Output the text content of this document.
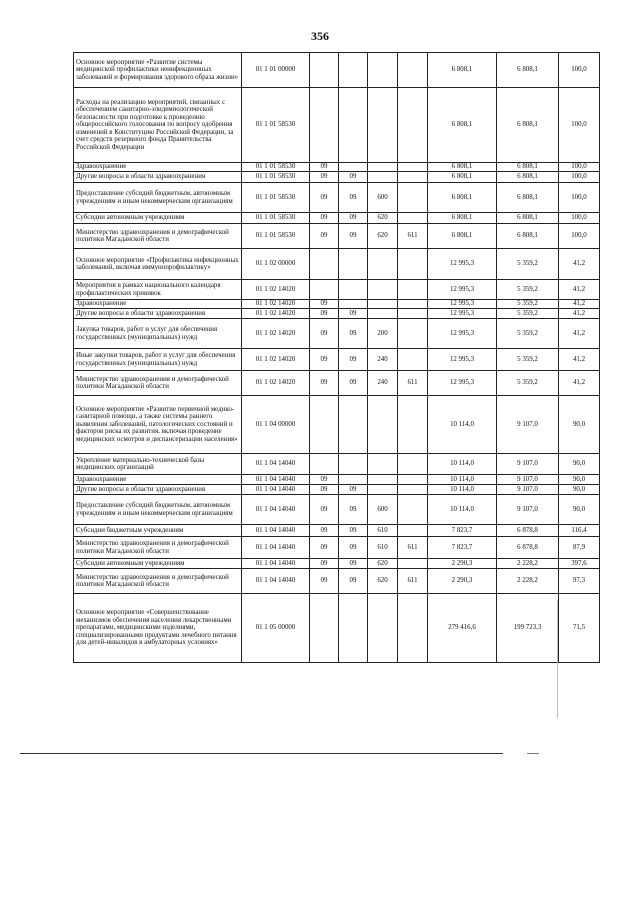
356
Основное мероприятие «Развитие системы медицинской профилактики неинфекционных заболеваний и формирования здорового образа жизни»	01 1 01 00000					6 808,1	6 808,1	100,0
Расходы на реализацию мероприятий, связанных с обеспечением санитарно-эпидемиологической безопасности при подготовке к проведению общероссийского голосования по вопросу одобрения изменений в Конституцию Российской Федерации, за счет средств резервного фонда Правительства Российской Федерации	01 1 01 58530					6 808,1	6 808,1	100,0
Здравоохранение	01 1 01 58530	09				6 808,1	6 808,1	100,0
Другие вопросы в области здравоохранения	01 1 01 58530	09	09			6 808,1	6 808,1	100,0
Предоставление субсидий бюджетным, автономным учреждениям и иным некоммерческим организациям	01 1 01 58530	09	09	600		6 808,1	6 808,1	100,0
Субсидии автономным учреждениям	01 1 01 58530	09	09	620		6 808,1	6 808,1	100,0
Министерство здравоохранения и демографической политики Магаданской области	01 1 01 58530	09	09	620	611	6 808,1	6 808,1	100,0
Основное мероприятие «Профилактика инфекционных заболеваний, включая иммунопрофилактику»	01 1 02 00000					12 995,3	5 359,2	41,2
Мероприятия в рамках национального календаря профилактических прививок	01 1 02 14020					12 995,3	5 359,2	41,2
Здравоохранение	01 1 02 14020	09				12 995,3	5 359,2	41,2
Другие вопросы в области здравоохранения	01 1 02 14020	09	09			12 995,3	5 359,2	41,2
Закупка товаров, работ и услуг для обеспечения государственных (муниципальных) нужд	01 1 02 14020	09	09	200		12 995,3	5 359,2	41,2
Иные закупки товаров, работ и услуг для обеспечения государственных (муниципальных) нужд	01 1 02 14020	09	09	240		12 995,3	5 359,2	41,2
Министерство здравоохранения и демографической политики Магаданской области	01 1 02 14020	09	09	240	611	12 995,3	5 359,2	41,2
Основное мероприятие «Развитие первичной медико-санитарной помощи, а также системы раннего выявления заболеваний, патологических состояний и факторов риска их развития, включая проведение медицинских осмотров и диспансеризации населения»	01 1 04 00000					10 114,0	9 107,0	90,0
Укрепление материально-технической базы медицинских организаций	01 1 04 14040					10 114,0	9 107,0	90,0
Здравоохранение	01 1 04 14040	09				10 114,0	9 107,0	90,0
Другие вопросы в области здравоохранения	01 1 04 14040	09	09			10 114,0	9 107,0	90,0
Предоставление субсидий бюджетным, автономным учреждениям и иным некоммерческим организациям	01 1 04 14040	09	09	600		10 114,0	9 107,0	90,0
Субсидии бюджетным учреждениям	01 1 04 14040	09	09	610		7 823,7	6 878,8	116,4
Министерство здравоохранения и демографической политики Магаданской области	01 1 04 14040	09	09	610	611	7 823,7	6 878,8	87,9
Субсидии автономным учреждениям	01 1 04 14040	09	09	620		2 290,3	2 228,2	397,6
Министерство здравоохранения и демографической политики Магаданской области	01 1 04 14040	09	09	620	611	2 290,3	2 228,2	97,3
Основное мероприятие «Совершенствование механизмов обеспечения населения лекарственными препаратами, медицинскими изделиями, специализированными продуктами лечебного питания для детей-инвалидов в амбулаторных условиях»	01 1 05 00000					279 416,6	199 723,3	71,5
